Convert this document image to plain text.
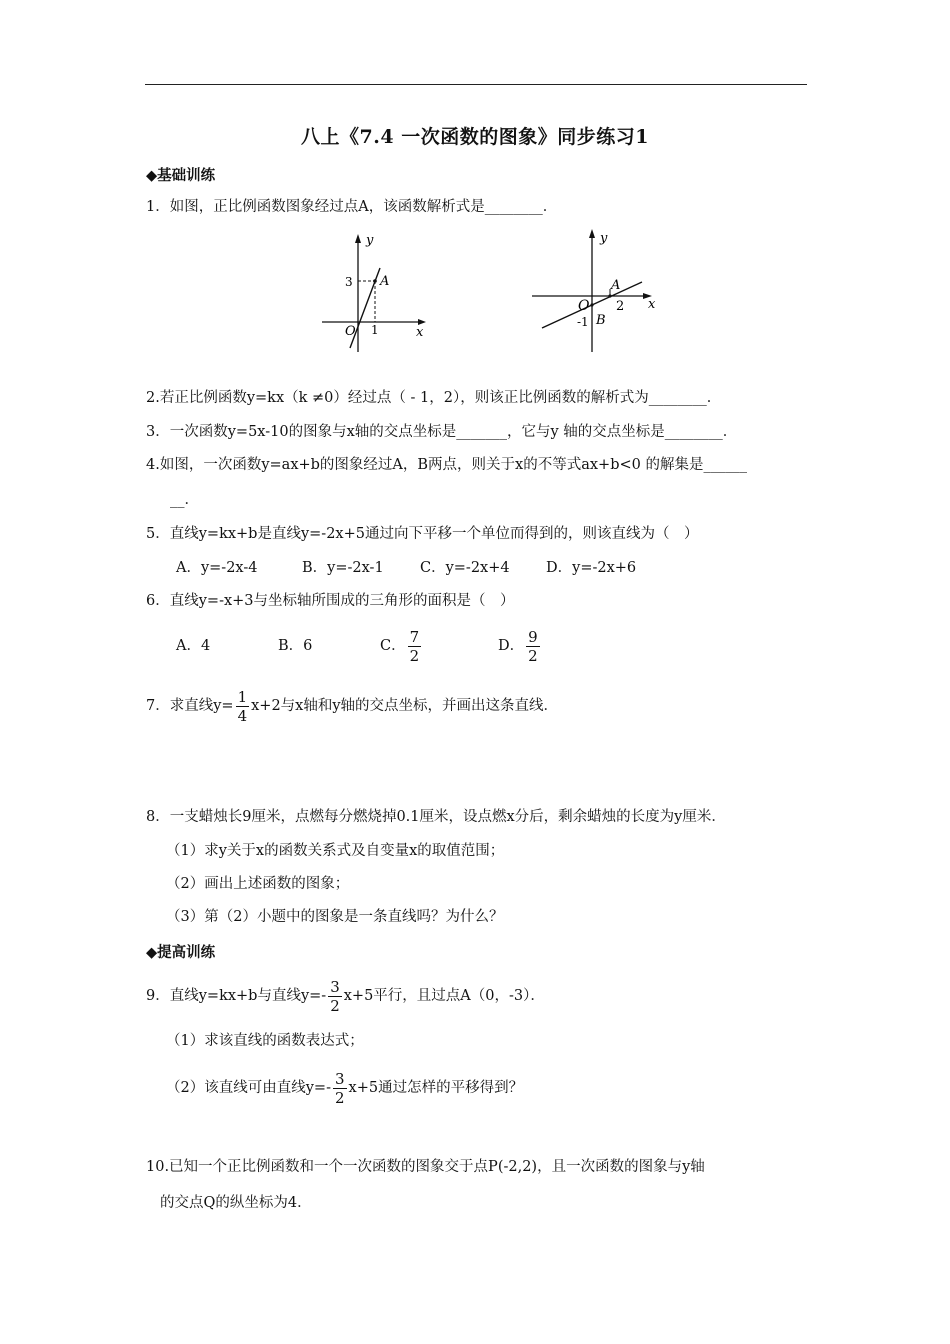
八上《7.4 一次函数的图象》同步练习1
◆基础训练
1．如图，正比例函数图象经过点A，该函数解析式是________．
y
x
O
3
1
A
y
x
O 2
-1
A
B
2.若正比例函数y=kx（k ≠0）经过点（ - 1，2），则该正比例函数的解析式为________．
3．一次函数y=5x-10的图象与x轴的交点坐标是_______，它与y 轴的交点坐标是________．
4.如图，一次函数y=ax+b的图象经过A，B两点，则关于x的不等式ax+b<0 的解集是______
__．
5．直线y=kx+b是直线y=-2x+5通过向下平移一个单位而得到的，则该直线为（　）
A．y=-2x-4	B．y=-2x-1	C．y=-2x+4	D．y=-2x+6
6．直线y=-x+3与坐标轴所围成的三角形的面积是（　）
A．4	B．6	C． $\frac{7}{2}$	D． $\frac{9}{2}$
7．求直线$y= \frac{1}{4} x+2$与x轴和y轴的交点坐标，并画出这条直线．
8．一支蜡烛长9厘米，点燃每分燃烧掉0.1厘米，设点燃x分后，剩余蜡烛的长度为y厘米．
（1）求y关于x的函数关系式及自变量x的取值范围；
（2）画出上述函数的图象；
（3）第（2）小题中的图象是一条直线吗？为什么？
◆提高训练
9．直线y=kx+b与直线$y=- \frac{3}{2} x+5$平行，且过点A（0，-3）．
（1）求该直线的函数表达式；
（2）该直线可由直线$y=- \frac{3}{2} x+5$通过怎样的平移得到？
10.已知一个正比例函数和一个一次函数的图象交于点P(-2,2)，且一次函数的图象与y轴
的交点Q的纵坐标为4．
